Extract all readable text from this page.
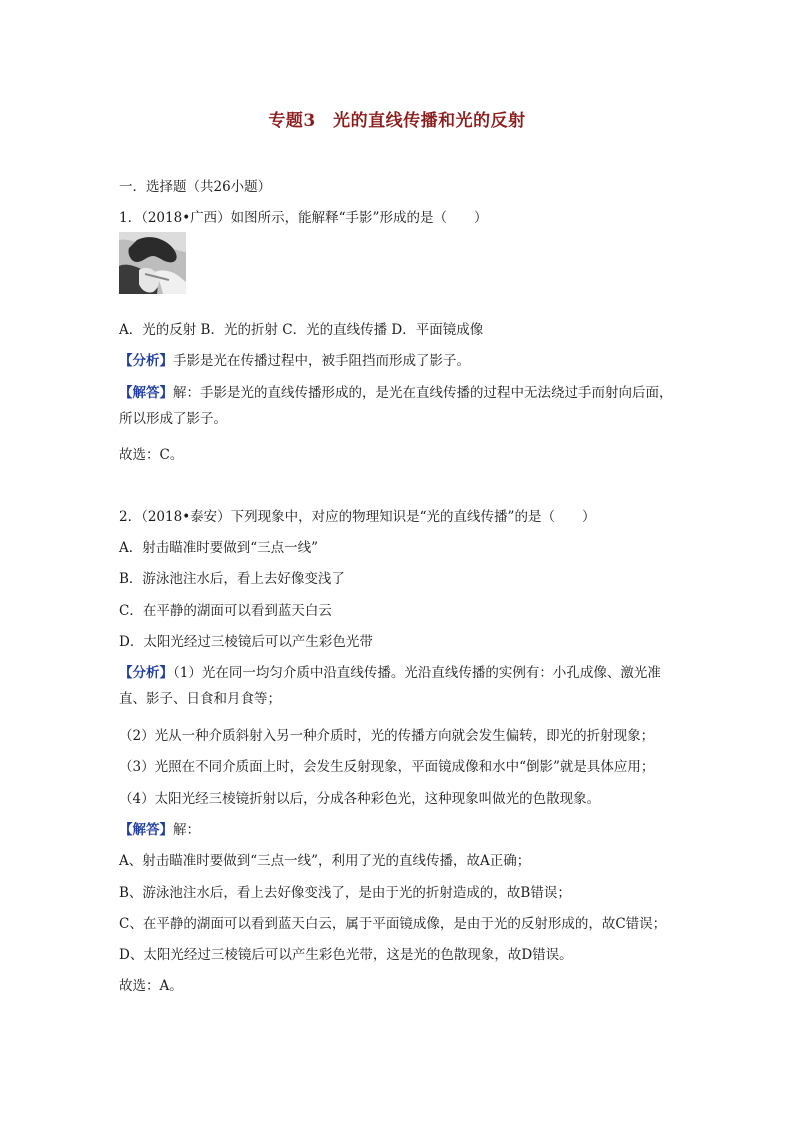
专题3　光的直线传播和光的反射
一．选择题（共26小题）
1．（2018•广西）如图所示，能解释“手影”形成的是（　　）
A．光的反射 B．光的折射 C．光的直线传播 D．平面镜成像
【分析】手影是光在传播过程中，被手阻挡而形成了影子。
【解答】解：手影是光的直线传播形成的，是光在直线传播的过程中无法绕过手而射向后面，所以形成了影子。
故选：C。
2．（2018•泰安）下列现象中，对应的物理知识是“光的直线传播”的是（　　）
A．射击瞄准时要做到“三点一线”
B．游泳池注水后，看上去好像变浅了
C．在平静的湖面可以看到蓝天白云
D．太阳光经过三棱镜后可以产生彩色光带
【分析】（1）光在同一均匀介质中沿直线传播。光沿直线传播的实例有：小孔成像、激光准直、影子、日食和月食等；
（2）光从一种介质斜射入另一种介质时，光的传播方向就会发生偏转，即光的折射现象；
（3）光照在不同介质面上时，会发生反射现象，平面镜成像和水中“倒影”就是具体应用；
（4）太阳光经三棱镜折射以后，分成各种彩色光，这种现象叫做光的色散现象。
【解答】解：
A、射击瞄准时要做到“三点一线”，利用了光的直线传播，故A正确；
B、游泳池注水后，看上去好像变浅了，是由于光的折射造成的，故B错误；
C、在平静的湖面可以看到蓝天白云，属于平面镜成像，是由于光的反射形成的，故C错误；
D、太阳光经过三棱镜后可以产生彩色光带，这是光的色散现象，故D错误。
故选：A。
